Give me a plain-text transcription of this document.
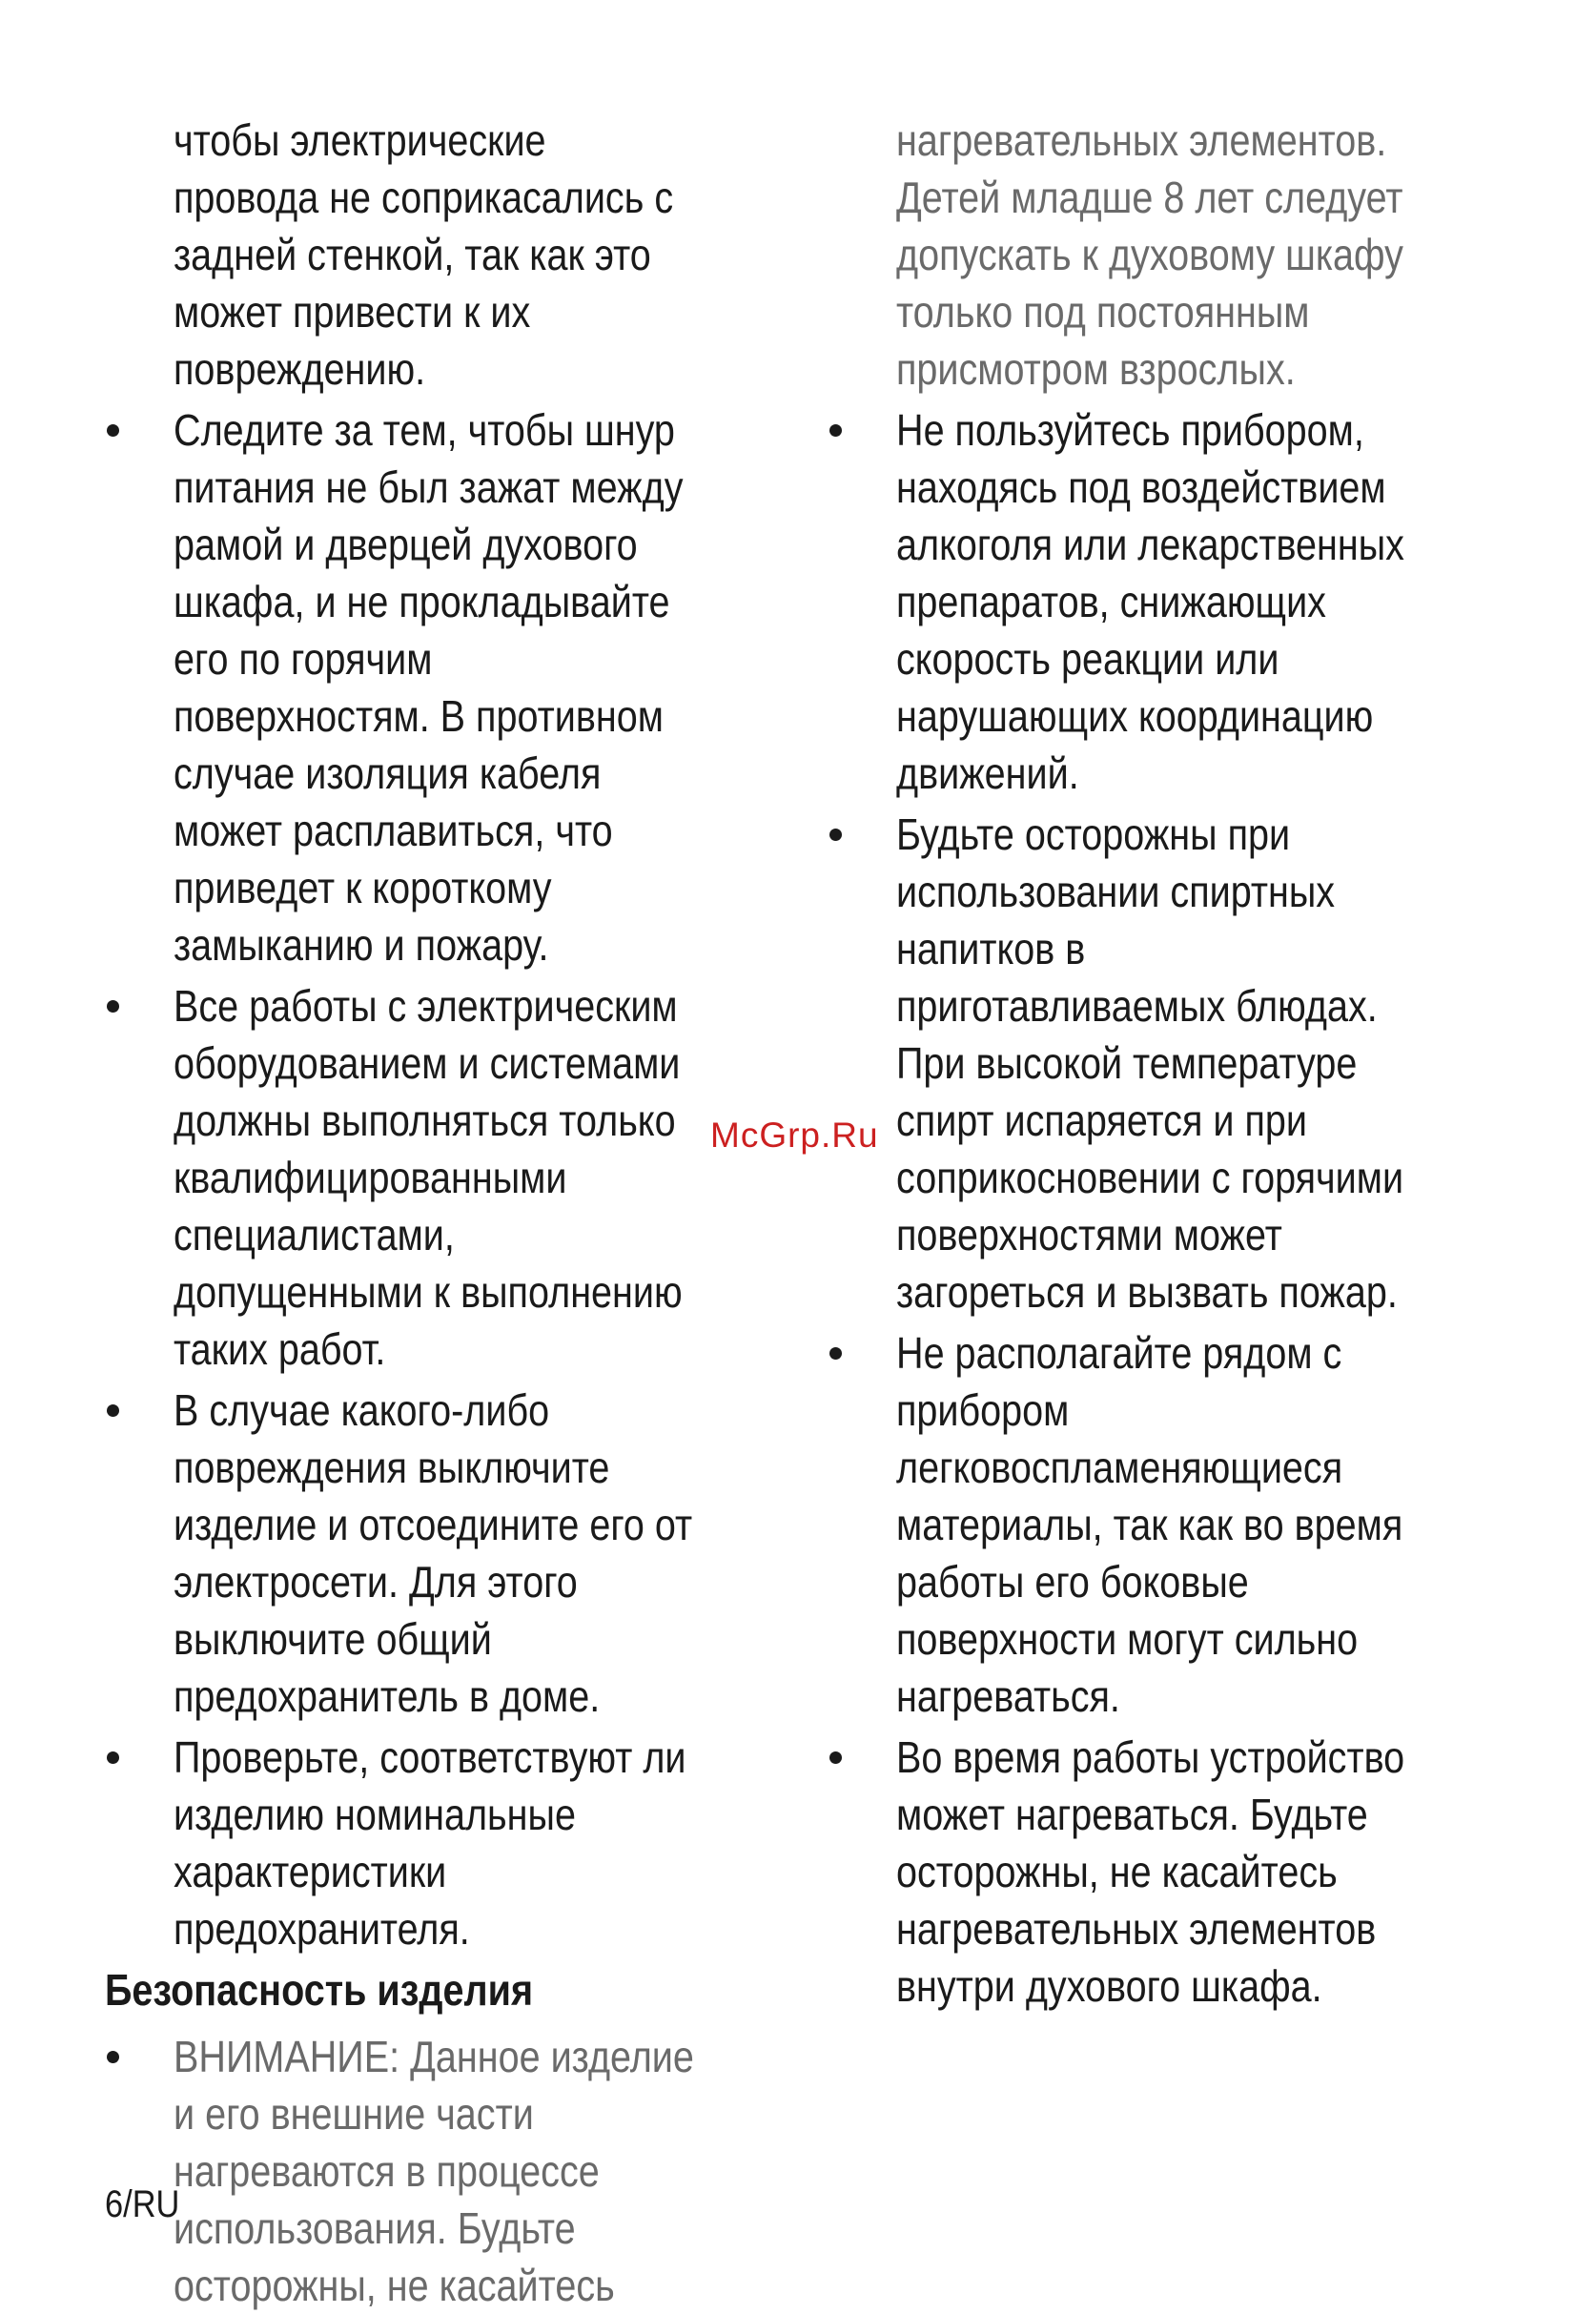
чтобы электрические провода не соприкасались с задней стенкой, так как это может привести к их повреждению.
Следите за тем, чтобы шнур питания не был зажат между рамой и дверцей духового шкафа, и не прокладывайте его по горячим поверхностям. В противном случае изоляция кабеля может расплавиться, что приведет к короткому замыканию и пожару.
Все работы с электрическим оборудованием и системами должны выполняться только квалифицированными специалистами, допущенными к выполнению таких работ.
В случае какого-либо повреждения выключите изделие и отсоедините его от электросети. Для этого выключите общий предохранитель в доме.
Проверьте, соответствуют ли изделию номинальные характеристики предохранителя.
Безопасность изделия
ВНИМАНИЕ: Данное изделие и его внешние части нагреваются в процессе использования. Будьте осторожны, не касайтесь
нагревательных элементов. Детей младше 8 лет следует допускать к духовому шкафу только под постоянным присмотром взрослых.
Не пользуйтесь прибором, находясь под воздействием алкоголя или лекарственных препаратов, снижающих скорость реакции или нарушающих координацию движений.
Будьте осторожны при использовании спиртных напитков в приготавливаемых блюдах. При высокой температуре спирт испаряется и при соприкосновении с горячими поверхностями может загореться и вызвать пожар.
Не располагайте рядом с прибором легковоспламеняющиеся материалы, так как во время работы его боковые поверхности могут сильно нагреваться.
Во время работы устройство может нагреваться. Будьте осторожны, не касайтесь нагревательных элементов внутри духового шкафа.
McGrp.Ru
6/RU
